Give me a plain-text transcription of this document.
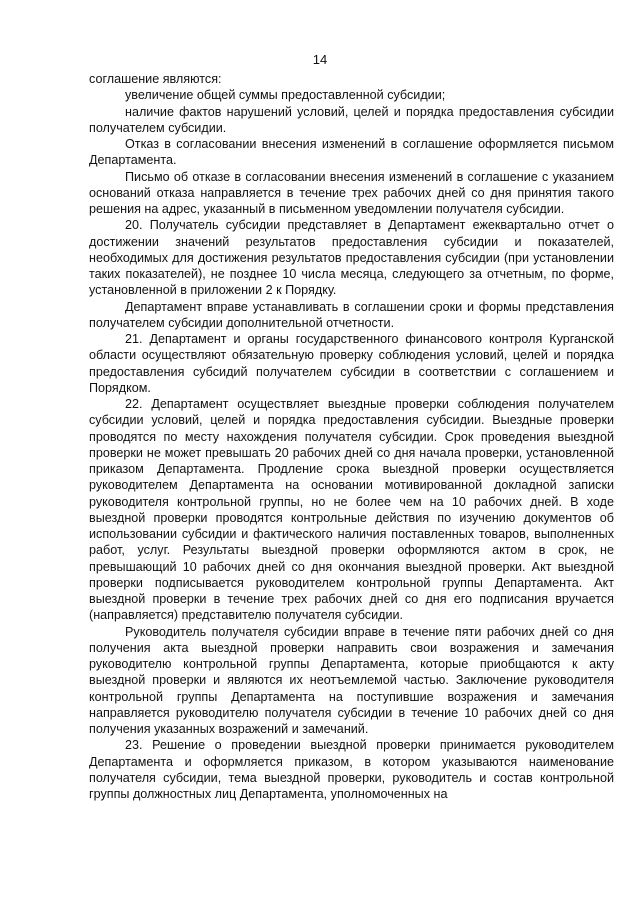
14

соглашение являются:

увеличение общей суммы предоставленной субсидии;

наличие фактов нарушений условий, целей и порядка предоставления субсидии получателем субсидии.

Отказ в согласовании внесения изменений в соглашение оформляется письмом Департамента.

Письмо об отказе в согласовании внесения изменений в соглашение с указанием оснований отказа направляется в течение трех рабочих дней со дня принятия такого решения на адрес, указанный в письменном уведомлении получателя субсидии.

20. Получатель субсидии представляет в Департамент ежеквартально отчет о достижении значений результатов предоставления субсидии и показателей, необходимых для достижения результатов предоставления субсидии (при установлении таких показателей), не позднее 10 числа месяца, следующего за отчетным, по форме, установленной в приложении 2 к Порядку.

Департамент вправе устанавливать в соглашении сроки и формы представления получателем субсидии дополнительной отчетности.

21. Департамент и органы государственного финансового контроля Курганской области осуществляют обязательную проверку соблюдения условий, целей и порядка предоставления субсидий получателем субсидии в соответствии с соглашением и Порядком.

22. Департамент осуществляет выездные проверки соблюдения получателем субсидии условий, целей и порядка предоставления субсидии. Выездные проверки проводятся по месту нахождения получателя субсидии. Срок проведения выездной проверки не может превышать 20 рабочих дней со дня начала проверки, установленной приказом Департамента. Продление срока выездной проверки осуществляется руководителем Департамента на основании мотивированной докладной записки руководителя контрольной группы, но не более чем на 10 рабочих дней. В ходе выездной проверки проводятся контрольные действия по изучению документов об использовании субсидии и фактического наличия поставленных товаров, выполненных работ, услуг. Результаты выездной проверки оформляются актом в срок, не превышающий 10 рабочих дней со дня окончания выездной проверки. Акт выездной проверки подписывается руководителем контрольной группы Департамента. Акт выездной проверки в течение трех рабочих дней со дня его подписания вручается (направляется) представителю получателя субсидии.

Руководитель получателя субсидии вправе в течение пяти рабочих дней со дня получения акта выездной проверки направить свои возражения и замечания руководителю контрольной группы Департамента, которые приобщаются к акту выездной проверки и являются их неотъемлемой частью. Заключение руководителя контрольной группы Департамента на поступившие возражения и замечания направляется руководителю получателя субсидии в течение 10 рабочих дней со дня получения указанных возражений и замечаний.

23. Решение о проведении выездной проверки принимается руководителем Департамента и оформляется приказом, в котором указываются наименование получателя субсидии, тема выездной проверки, руководитель и состав контрольной группы должностных лиц Департамента, уполномоченных на
